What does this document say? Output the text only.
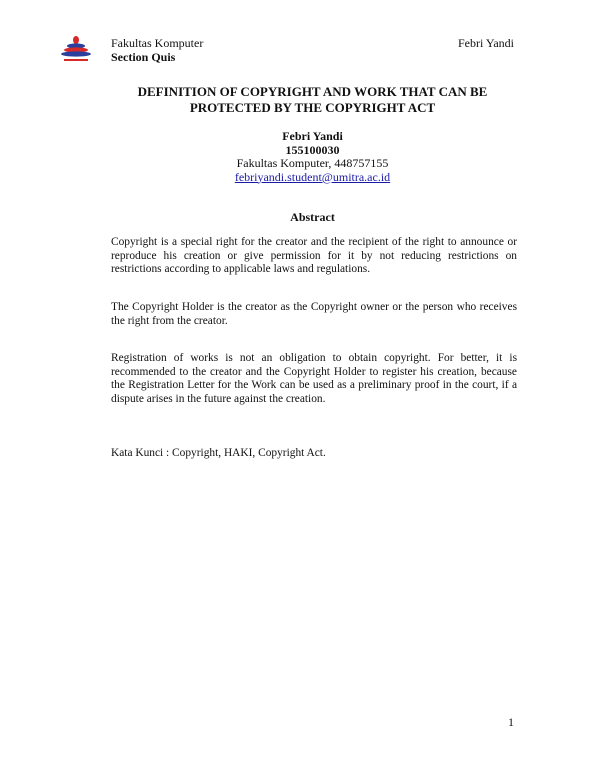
Fakultas Komputer
Section Quis
Febri Yandi
DEFINITION OF COPYRIGHT AND WORK THAT CAN BE
PROTECTED BY THE COPYRIGHT ACT
Febri Yandi
155100030
Fakultas Komputer, 448757155
febriyandi.student@umitra.ac.id
Abstract
Copyright is a special right for the creator and the recipient of the right to announce or reproduce his creation or give permission for it by not reducing restrictions on restrictions according to applicable laws and regulations.
The Copyright Holder is the creator as the Copyright owner or the person who receives the right from the creator.
Registration of works is not an obligation to obtain copyright. For better, it is recommended to the creator and the Copyright Holder to register his creation, because the Registration Letter for the Work can be used as a preliminary proof in the court, if a dispute arises in the future against the creation.
Kata Kunci : Copyright, HAKI, Copyright Act.
1
